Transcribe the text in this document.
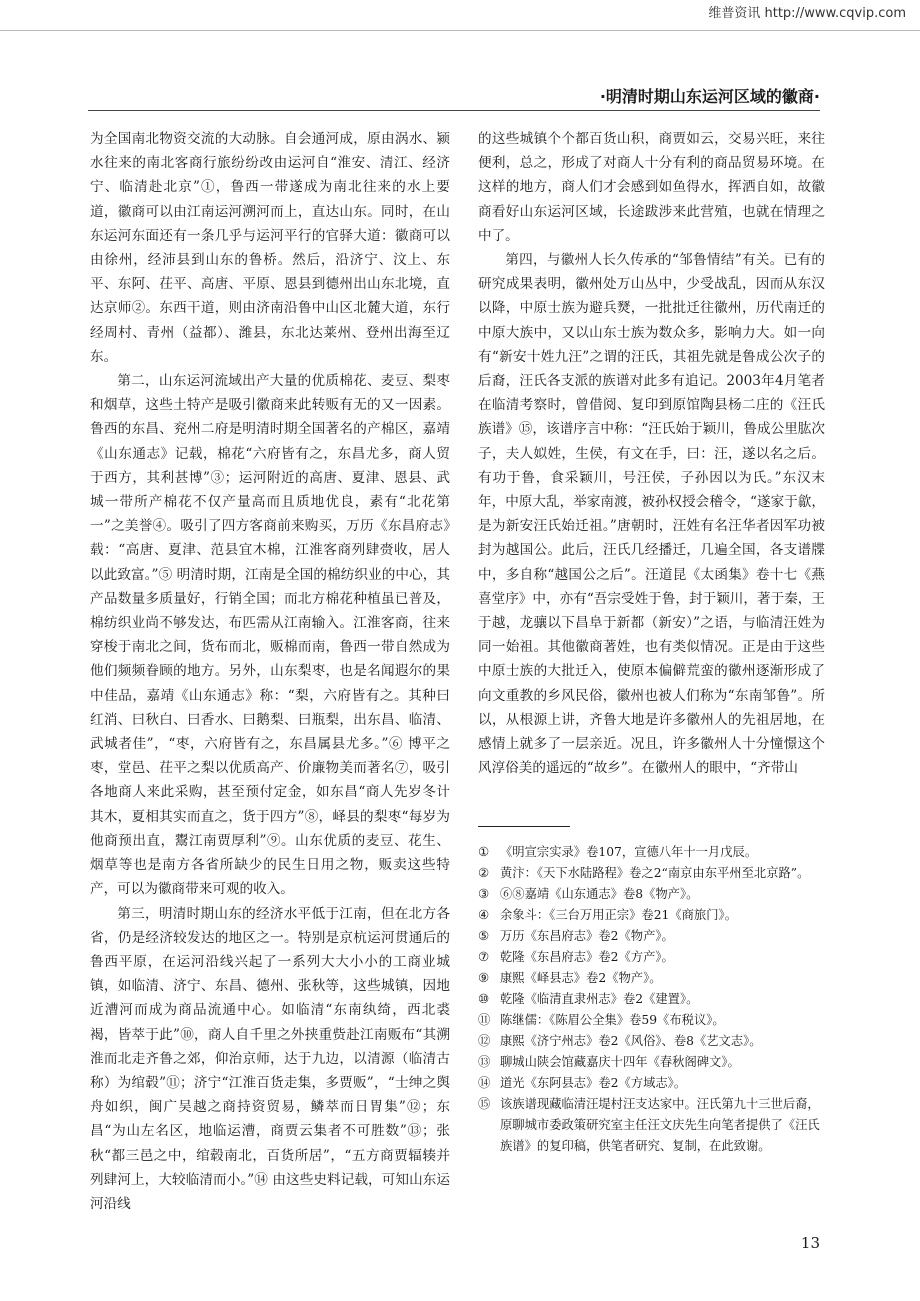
维普资讯 http://www.cqvip.com
·明清时期山东运河区域的徽商·

为全国南北物资交流的大动脉。自会通河成，原由涡水、颍水往来的南北客商行旅纷纷改由运河自“淮安、清江、经济宁、临清赴北京”①，鲁西一带遂成为南北往来的水上要道，徽商可以由江南运河溯河而上，直达山东。同时，在山东运河东面还有一条几乎与运河平行的官驿大道：徽商可以由徐州，经沛县到山东的鲁桥。然后，沿济宁、汶上、东平、东阿、茌平、高唐、平原、恩县到德州出山东北境，直达京师②。东西干道，则由济南沿鲁中山区北麓大道，东行经周村、青州（益都）、潍县，东北达莱州、登州出海至辽东。

第二，山东运河流域出产大量的优质棉花、麦豆、梨枣和烟草，这些土特产是吸引徽商来此转贩有无的又一因素。鲁西的东昌、兖州二府是明清时期全国著名的产棉区，嘉靖《山东通志》记载，棉花“六府皆有之，东昌尤多，商人贸于西方，其利甚博”③；运河附近的高唐、夏津、恩县、武城一带所产棉花不仅产量高而且质地优良，素有“北花第一”之美誉④。吸引了四方客商前来购买，万历《东昌府志》载：“高唐、夏津、范县宜木棉，江淮客商列肆赍收，居人以此致富。”⑤ 明清时期，江南是全国的棉纺织业的中心，其产品数量多质量好，行销全国；而北方棉花种植虽已普及，棉纺织业尚不够发达，布匹需从江南输入。江淮客商，往来穿梭于南北之间，货布而北，贩棉而南，鲁西一带自然成为他们频频眷顾的地方。另外，山东梨枣，也是名闻遐尔的果中佳品，嘉靖《山东通志》称：“梨，六府皆有之。其种曰红消、曰秋白、曰香水、曰鹅梨、曰瓶梨，出东昌、临清、武城者佳”，“枣，六府皆有之，东昌属县尤多。”⑥ 博平之枣，堂邑、茌平之梨以优质高产、价廉物美而著名⑦，吸引各地商人来此采购，甚至预付定金，如东昌“商人先岁冬计其木，夏相其实而直之，货于四方”⑧，峄县的梨枣“每岁为他商预出直，鬻江南贾厚利”⑨。山东优质的麦豆、花生、烟草等也是南方各省所缺少的民生日用之物，贩卖这些特产，可以为徽商带来可观的收入。

第三，明清时期山东的经济水平低于江南，但在北方各省，仍是经济较发达的地区之一。特别是京杭运河贯通后的鲁西平原，在运河沿线兴起了一系列大大小小的工商业城镇，如临清、济宁、东昌、德州、张秋等，这些城镇，因地近漕河而成为商品流通中心。如临清“东南纨绮，西北裘褐，皆萃于此”⑩，商人自千里之外挟重赀赴江南贩布“其溯淮而北走齐鲁之郊，仰治京师，达于九边，以清源（临清古称）为绾毂”⑪；济宁“江淮百货走集，多贾贩”，“士绅之舆舟如织，闽广吴越之商持资贸易，鳞萃而日胃集”⑫；东昌“为山左名区，地临运漕，商贾云集者不可胜数”⑬；张秋“都三邑之中，绾毂南北，百货所居”，“五方商贾辐辏并列肆河上，大较临清而小。”⑭ 由这些史料记载，可知山东运河沿线

的这些城镇个个都百货山积，商贾如云，交易兴旺，来往便利，总之，形成了对商人十分有利的商品贸易环境。在这样的地方，商人们才会感到如鱼得水，挥洒自如，故徽商看好山东运河区域，长途跋涉来此营殖，也就在情理之中了。

第四，与徽州人长久传承的“邹鲁情结”有关。已有的研究成果表明，徽州处万山丛中，少受战乱，因而从东汉以降，中原士族为避兵燹，一批批迁往徽州，历代南迁的中原大族中，又以山东士族为数众多，影响力大。如一向有“新安十姓九汪”之谓的汪氏，其祖先就是鲁成公次子的后裔，汪氏各支派的族谱对此多有追记。2003年4月笔者在临清考察时，曾借阅、复印到原馆陶县杨二庄的《汪氏族谱》⑮，该谱序言中称：“汪氏始于颖川，鲁成公里肱次子，夫人姒姓，生侯，有文在手，曰：汪，遂以名之后。有功于鲁，食采颖川，号汪侯，子孙因以为氏。”东汉末年，中原大乱，举家南渡，被孙权授会稽令，“遂家于歙，是为新安汪氏始迁祖。”唐朝时，汪姓有名汪华者因军功被封为越国公。此后，汪氏几经播迁，几遍全国，各支谱牒中，多自称“越国公之后”。汪道昆《太函集》卷十七《燕喜堂序》中，亦有“吾宗受姓于鲁，封于颖川，著于秦，王于越，龙骧以下昌阜于新都（新安）”之语，与临清汪姓为同一始祖。其他徽商著姓，也有类似情况。正是由于这些中原士族的大批迁入，使原本偏僻荒蛮的徽州逐渐形成了向文重教的乡风民俗，徽州也被人们称为“东南邹鲁”。所以，从根源上讲，齐鲁大地是许多徽州人的先祖居地，在感情上就多了一层亲近。况且，许多徽州人十分憧憬这个风淳俗美的遥远的“故乡”。在徽州人的眼中，“齐带山

① 《明宣宗实录》卷107，宣德八年十一月戊辰。
② 黄汴：《天下水陆路程》卷之2“南京由东平州至北京路”。
③ ⑥⑧嘉靖《山东通志》卷8《物产》。
④ 余象斗：《三台万用正宗》卷21《商旅门》。
⑤ 万历《东昌府志》卷2《物产》。
⑦ 乾隆《东昌府志》卷2《方产》。
⑨ 康熙《峄县志》卷2《物产》。
⑩ 乾隆《临清直隶州志》卷2《建置》。
⑪ 陈继儒：《陈眉公全集》卷59《布税议》。
⑫ 康熙《济宁州志》卷2《风俗》、卷8《艺文志》。
⑬ 聊城山陕会馆藏嘉庆十四年《春秋阁碑文》。
⑭ 道光《东阿县志》卷2《方域志》。
⑮ 该族谱现藏临清汪堤村汪支达家中。汪氏第九十三世后裔，原聊城市委政策研究室主任汪文庆先生向笔者提供了《汪氏族谱》的复印稿，供笔者研究、复制，在此致谢。
13
